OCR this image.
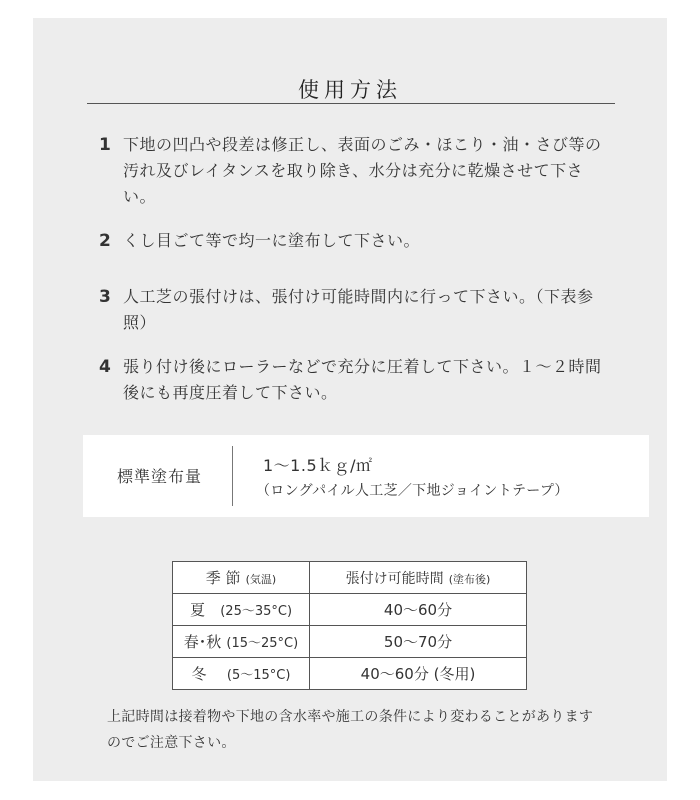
使用方法
1 下地の凹凸や段差は修正し、表面のごみ・ほこり・油・さび等の汚れ及びレイタンスを取り除き、水分は充分に乾燥させて下さい。
2 くし目ごて等で均一に塗布して下さい。
3 人工芝の張付けは、張付け可能時間内に行って下さい。（下表参照）
4 張り付け後にローラーなどで充分に圧着して下さい。１～２時間後にも再度圧着して下さい。
標準塗布量
1～1.5ｋｇ/㎡
（ロングパイル人工芝／下地ジョイントテープ）
季 節 (気温)	張付け可能時間 (塗布後)
夏 (25～35°C)	40～60分
春･秋 (15～25°C)	50～70分
冬 (5～15°C)	40～60分 (冬用)
上記時間は接着物や下地の含水率や施工の条件により変わることがありますのでご注意下さい。
